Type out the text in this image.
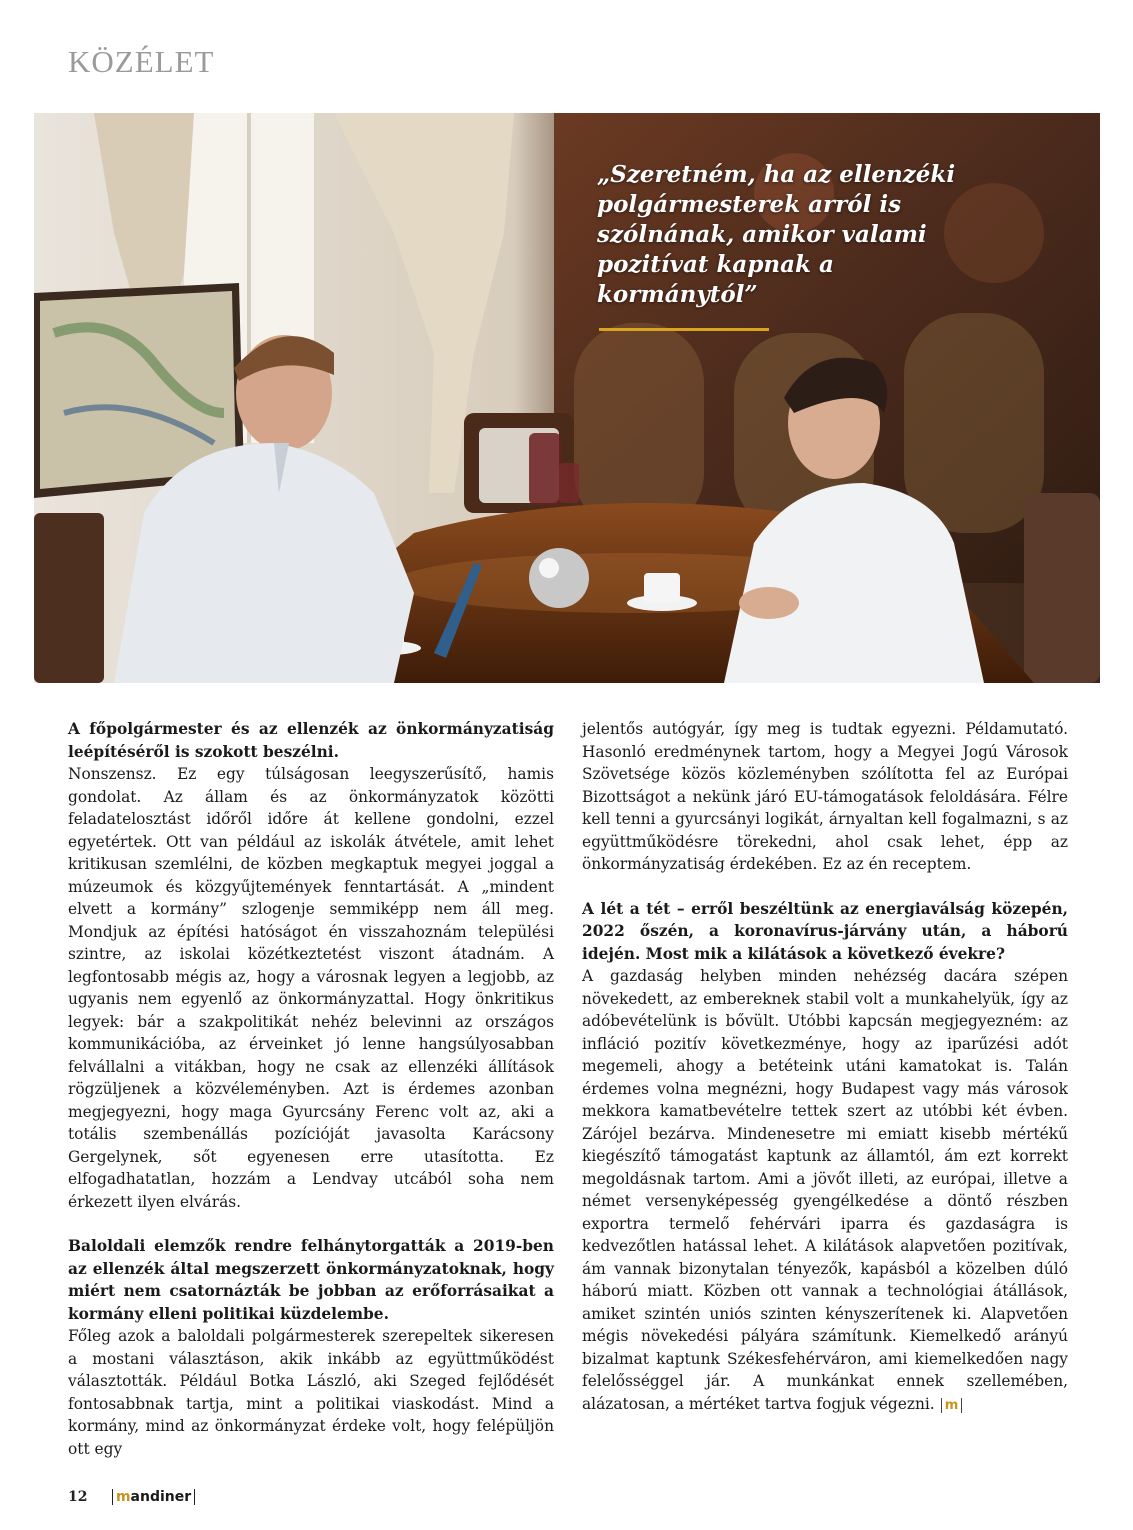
KÖZÉLET
„Szeretném, ha az ellenzéki polgármesterek arról is szólnának, amikor valami pozitívat kapnak a kormánytól”

A főpolgármester és az ellenzék az önkormányzatiság leépítéséről is szokott beszélni.

Nonszensz. Ez egy túlságosan leegyszerűsítő, hamis gondolat. Az állam és az önkormányzatok közötti feladatelosztást időről időre át kellene gondolni, ezzel egyetértek. Ott van például az iskolák átvétele, amit lehet kritikusan szemlélni, de közben megkaptuk megyei joggal a múzeumok és közgyűjtemények fenntartását. A „mindent elvett a kormány” szlogenje semmiképp nem áll meg. Mondjuk az építési hatóságot én visszahoznám települési szintre, az iskolai közétkeztetést viszont átadnám. A legfontosabb mégis az, hogy a városnak legyen a legjobb, az ugyanis nem egyenlő az önkormányzattal. Hogy önkritikus legyek: bár a szakpolitikát nehéz belevinni az országos kommunikációba, az érveinket jó lenne hangsúlyosabban felvállalni a vitákban, hogy ne csak az ellenzéki állítások rögzüljenek a közvéleményben. Azt is érdemes azonban megjegyezni, hogy maga Gyurcsány Ferenc volt az, aki a totális szembenállás pozícióját javasolta Karácsony Gergelynek, sőt egyenesen erre utasította. Ez elfogadhatatlan, hozzám a Lendvay utcából soha nem érkezett ilyen elvárás.

Baloldali elemzők rendre felhánytorgatták a 2019-ben az ellenzék által megszerzett önkormányzatoknak, hogy miért nem csatornázták be jobban az erőforrásaikat a kormány elleni politikai küzdelembe.

Főleg azok a baloldali polgármesterek szerepeltek sikeresen a mostani választáson, akik inkább az együttműködést választották. Például Botka László, aki Szeged fejlődését fontosabbnak tartja, mint a politikai viaskodást. Mind a kormány, mind az önkormányzat érdeke volt, hogy felépüljön ott egy

jelentős autógyár, így meg is tudtak egyezni. Példamutató. Hasonló eredménynek tartom, hogy a Megyei Jogú Városok Szövetsége közös közleményben szólította fel az Európai Bizottságot a nekünk járó EU-támogatások feloldására. Félre kell tenni a gyurcsányi logikát, árnyaltan kell fogalmazni, s az együttműködésre törekedni, ahol csak lehet, épp az önkormányzatiság érdekében. Ez az én receptem.

A lét a tét – erről beszéltünk az energiaválság közepén, 2022 őszén, a koronavírus-járvány után, a háború idején. Most mik a kilátások a következő évekre?

A gazdaság helyben minden nehézség dacára szépen növekedett, az embereknek stabil volt a munkahelyük, így az adóbevételünk is bővült. Utóbbi kapcsán megjegyezném: az infláció pozitív következménye, hogy az iparűzési adót megemeli, ahogy a betéteink utáni kamatokat is. Talán érdemes volna megnézni, hogy Budapest vagy más városok mekkora kamatbevételre tettek szert az utóbbi két évben. Zárójel bezárva. Mindenesetre mi emiatt kisebb mértékű kiegészítő támogatást kaptunk az államtól, ám ezt korrekt megoldásnak tartom. Ami a jövőt illeti, az európai, illetve a német versenyképesség gyengélkedése a döntő részben exportra termelő fehérvári iparra és gazdaságra is kedvezőtlen hatással lehet. A kilátások alapvetően pozitívak, ám vannak bizonytalan tényezők, kapásból a közelben dúló háború miatt. Közben ott vannak a technológiai átállások, amiket szintén uniós szinten kényszerítenek ki. Alapvetően mégis növekedési pályára számítunk. Kiemelkedő arányú bizalmat kaptunk Székesfehérváron, ami kiemelkedően nagy felelősséggel jár. A munkánkat ennek szellemében, alázatosan, a mértéket tartva fogjuk végezni. m

12 mandiner
